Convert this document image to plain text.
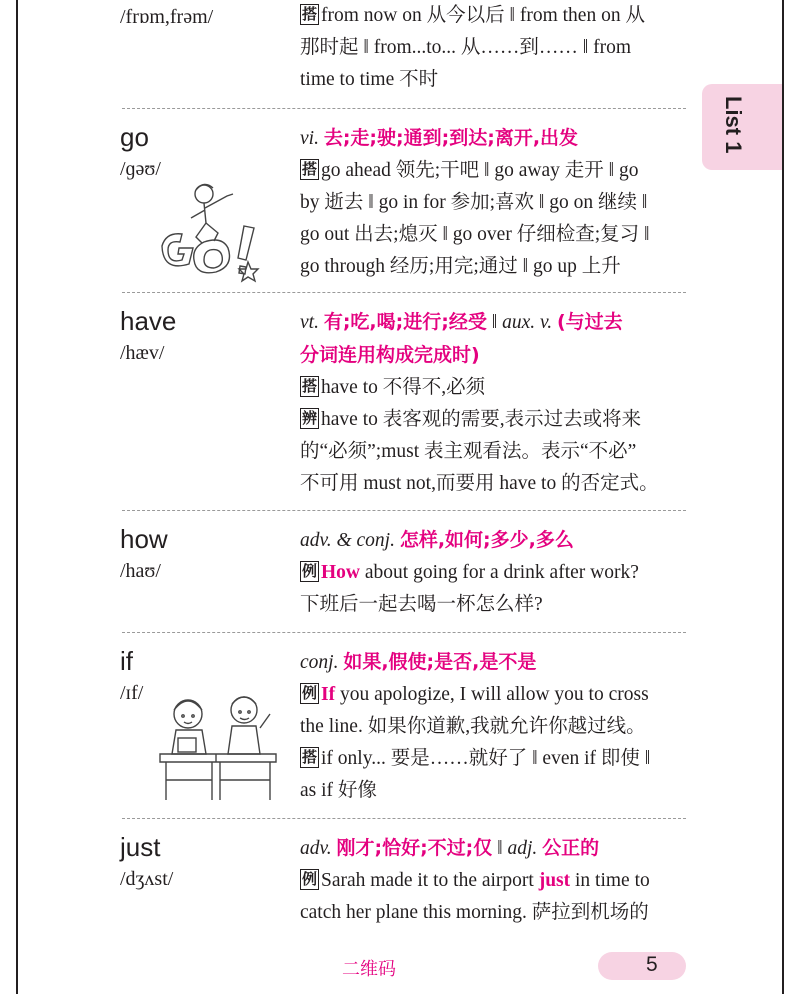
List 1
/frɒm,frəm/	搭 from now on 从今以后 ‖ from then on 从
那时起 ‖ from...to... 从……到…… ‖ from
time to time 不时
go
/ɡəʊ/
vi. 去;走;驶;通到;到达;离开,出发
搭 go ahead 领先;干吧 ‖ go away 走开 ‖ go
by 逝去 ‖ go in for 参加;喜欢 ‖ go on 继续 ‖
go out 出去;熄灭 ‖ go over 仔细检查;复习 ‖
go through 经历;用完;通过 ‖ go up 上升
have
/hæv/
vt. 有;吃,喝;进行;经受 ‖ aux. v. (与过去
分词连用构成完成时)
搭 have to 不得不,必须
辨 have to 表客观的需要,表示过去或将来
的“必须”;must 表主观看法。表示“不必”
不可用 must not,而要用 have to 的否定式。
how
/haʊ/
adv. & conj. 怎样,如何;多少,多么
例 How about going for a drink after work?
下班后一起去喝一杯怎么样?
if
/ɪf/
conj. 如果,假使;是否,是不是
例 If you apologize, I will allow you to cross
the line. 如果你道歉,我就允许你越过线。
搭 if only... 要是……就好了 ‖ even if 即使 ‖
as if 好像
just
/dʒʌst/
adv. 刚才;恰好;不过;仅 ‖ adj. 公正的
例 Sarah made it to the airport just in time to
catch her plane this morning. 萨拉到机场的
二维码	5
